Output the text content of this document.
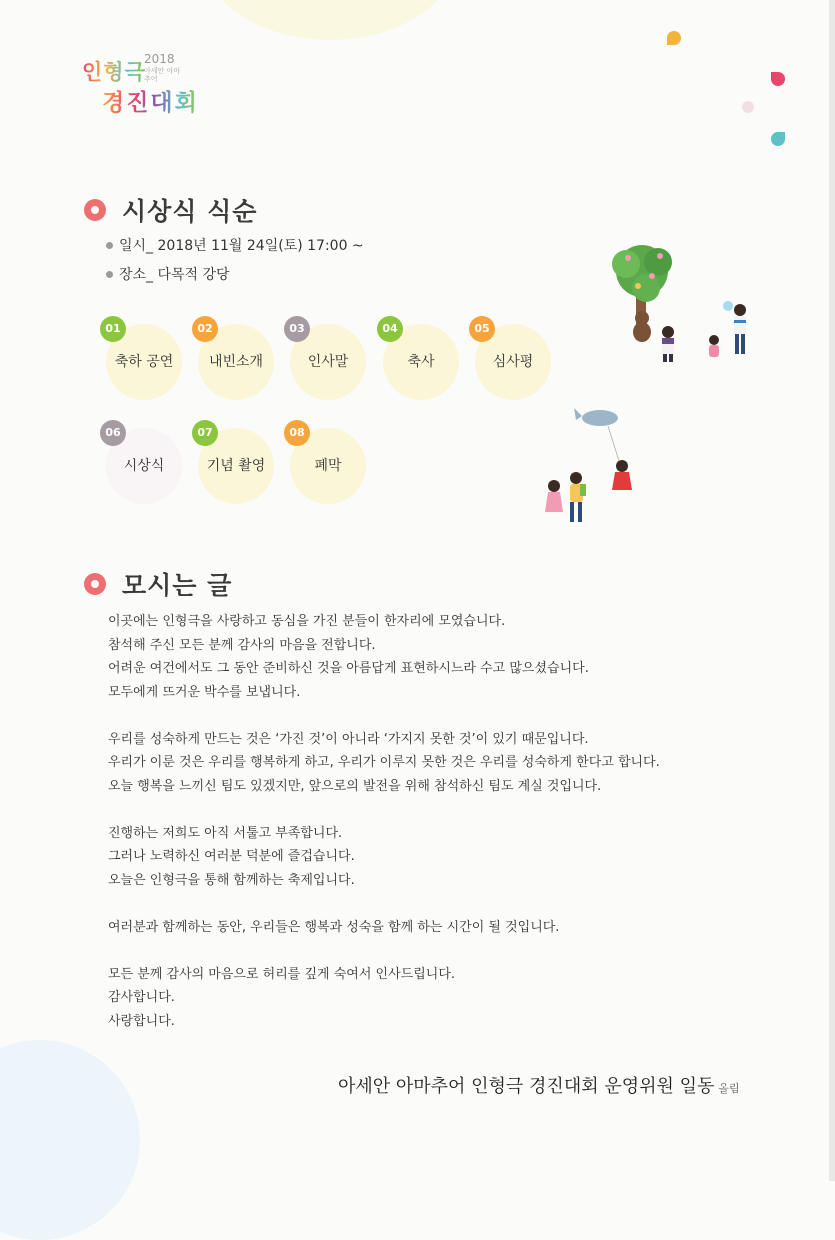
인형극
2018
아세안 아마추어
경진대회
시상식 식순
일시_ 2018년 11월 24일(토) 17:00 ~
장소_ 다목적 강당
01
축하 공연
02
내빈소개
03
인사말
04
축사
05
심사평
06
시상식
07
기념 촬영
08
폐막
모시는 글

이곳에는 인형극을 사랑하고 동심을 가진 분들이 한자리에 모였습니다.
참석해 주신 모든 분께 감사의 마음을 전합니다.
어려운 여건에서도 그 동안 준비하신 것을 아름답게 표현하시느라 수고 많으셨습니다.
모두에게 뜨거운 박수를 보냅니다.

우리를 성숙하게 만드는 것은 ‘가진 것’이 아니라 ‘가지지 못한 것’이 있기 때문입니다.
우리가 이룬 것은 우리를 행복하게 하고, 우리가 이루지 못한 것은 우리를 성숙하게 한다고 합니다.
오늘 행복을 느끼신 팀도 있겠지만, 앞으로의 발전을 위해 참석하신 팀도 계실 것입니다.

진행하는 저희도 아직 서툴고 부족합니다.
그러나 노력하신 여러분 덕분에 즐겁습니다.
오늘은 인형극을 통해 함께하는 축제입니다.

여러분과 함께하는 동안, 우리들은 행복과 성숙을 함께 하는 시간이 될 것입니다.

모든 분께 감사의 마음으로 허리를 깊게 숙여서 인사드립니다.
감사합니다.
사랑합니다.

아세안 아마추어 인형극 경진대회 운영위원 일동 올림
